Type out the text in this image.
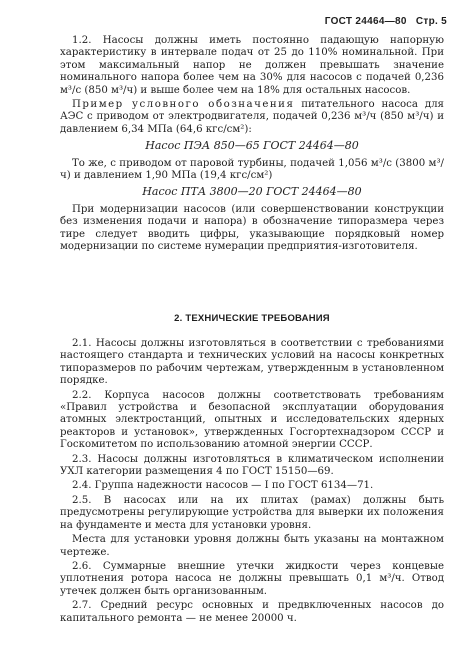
ГОСТ 24464—80 Стр. 5

1.2. Насосы должны иметь постоянно падающую напорную характеристику в интервале подач от 25 до 110% номинальной. При этом максимальный напор не должен превышать значение номинального напора более чем на 30% для насосов с подачей 0,236 м³/с (850 м³/ч) и выше более чем на 18% для остальных насосов.

Пример условного обозначения питательного насоса для АЭС с приводом от электродвигателя, подачей 0,236 м³/ч (850 м³/ч) и давлением 6,34 МПа (64,6 кгс/см²):

Насос ПЭА 850—65 ГОСТ 24464—80

То же, с приводом от паровой турбины, подачей 1,056 м³/с (3800 м³/ч) и давлением 1,90 МПа (19,4 кгс/см²)

Насос ПТА 3800—20 ГОСТ 24464—80

При модернизации насосов (или совершенствовании конструкции без изменения подачи и напора) в обозначение типоразмера через тире следует вводить цифры, указывающие порядковый номер модернизации по системе нумерации предприятия-изготовителя.

2. ТЕХНИЧЕСКИЕ ТРЕБОВАНИЯ

2.1. Насосы должны изготовляться в соответствии с требованиями настоящего стандарта и технических условий на насосы конкретных типоразмеров по рабочим чертежам, утвержденным в установленном порядке.

2.2. Корпуса насосов должны соответствовать требованиям «Правил устройства и безопасной эксплуатации оборудования атомных электростанций, опытных и исследовательских ядерных реакторов и установок», утвержденных Госгортехнадзором СССР и Госкомитетом по использованию атомной энергии СССР.

2.3. Насосы должны изготовляться в климатическом исполнении УХЛ категории размещения 4 по ГОСТ 15150—69.

2.4. Группа надежности насосов — I по ГОСТ 6134—71.

2.5. В насосах или на их плитах (рамах) должны быть предусмотрены регулирующие устройства для выверки их положения на фундаменте и места для установки уровня.

Места для установки уровня должны быть указаны на монтажном чертеже.

2.6. Суммарные внешние утечки жидкости через концевые уплотнения ротора насоса не должны превышать 0,1 м³/ч. Отвод утечек должен быть организованным.

2.7. Средний ресурс основных и предвключенных насосов до капитального ремонта — не менее 20000 ч.
